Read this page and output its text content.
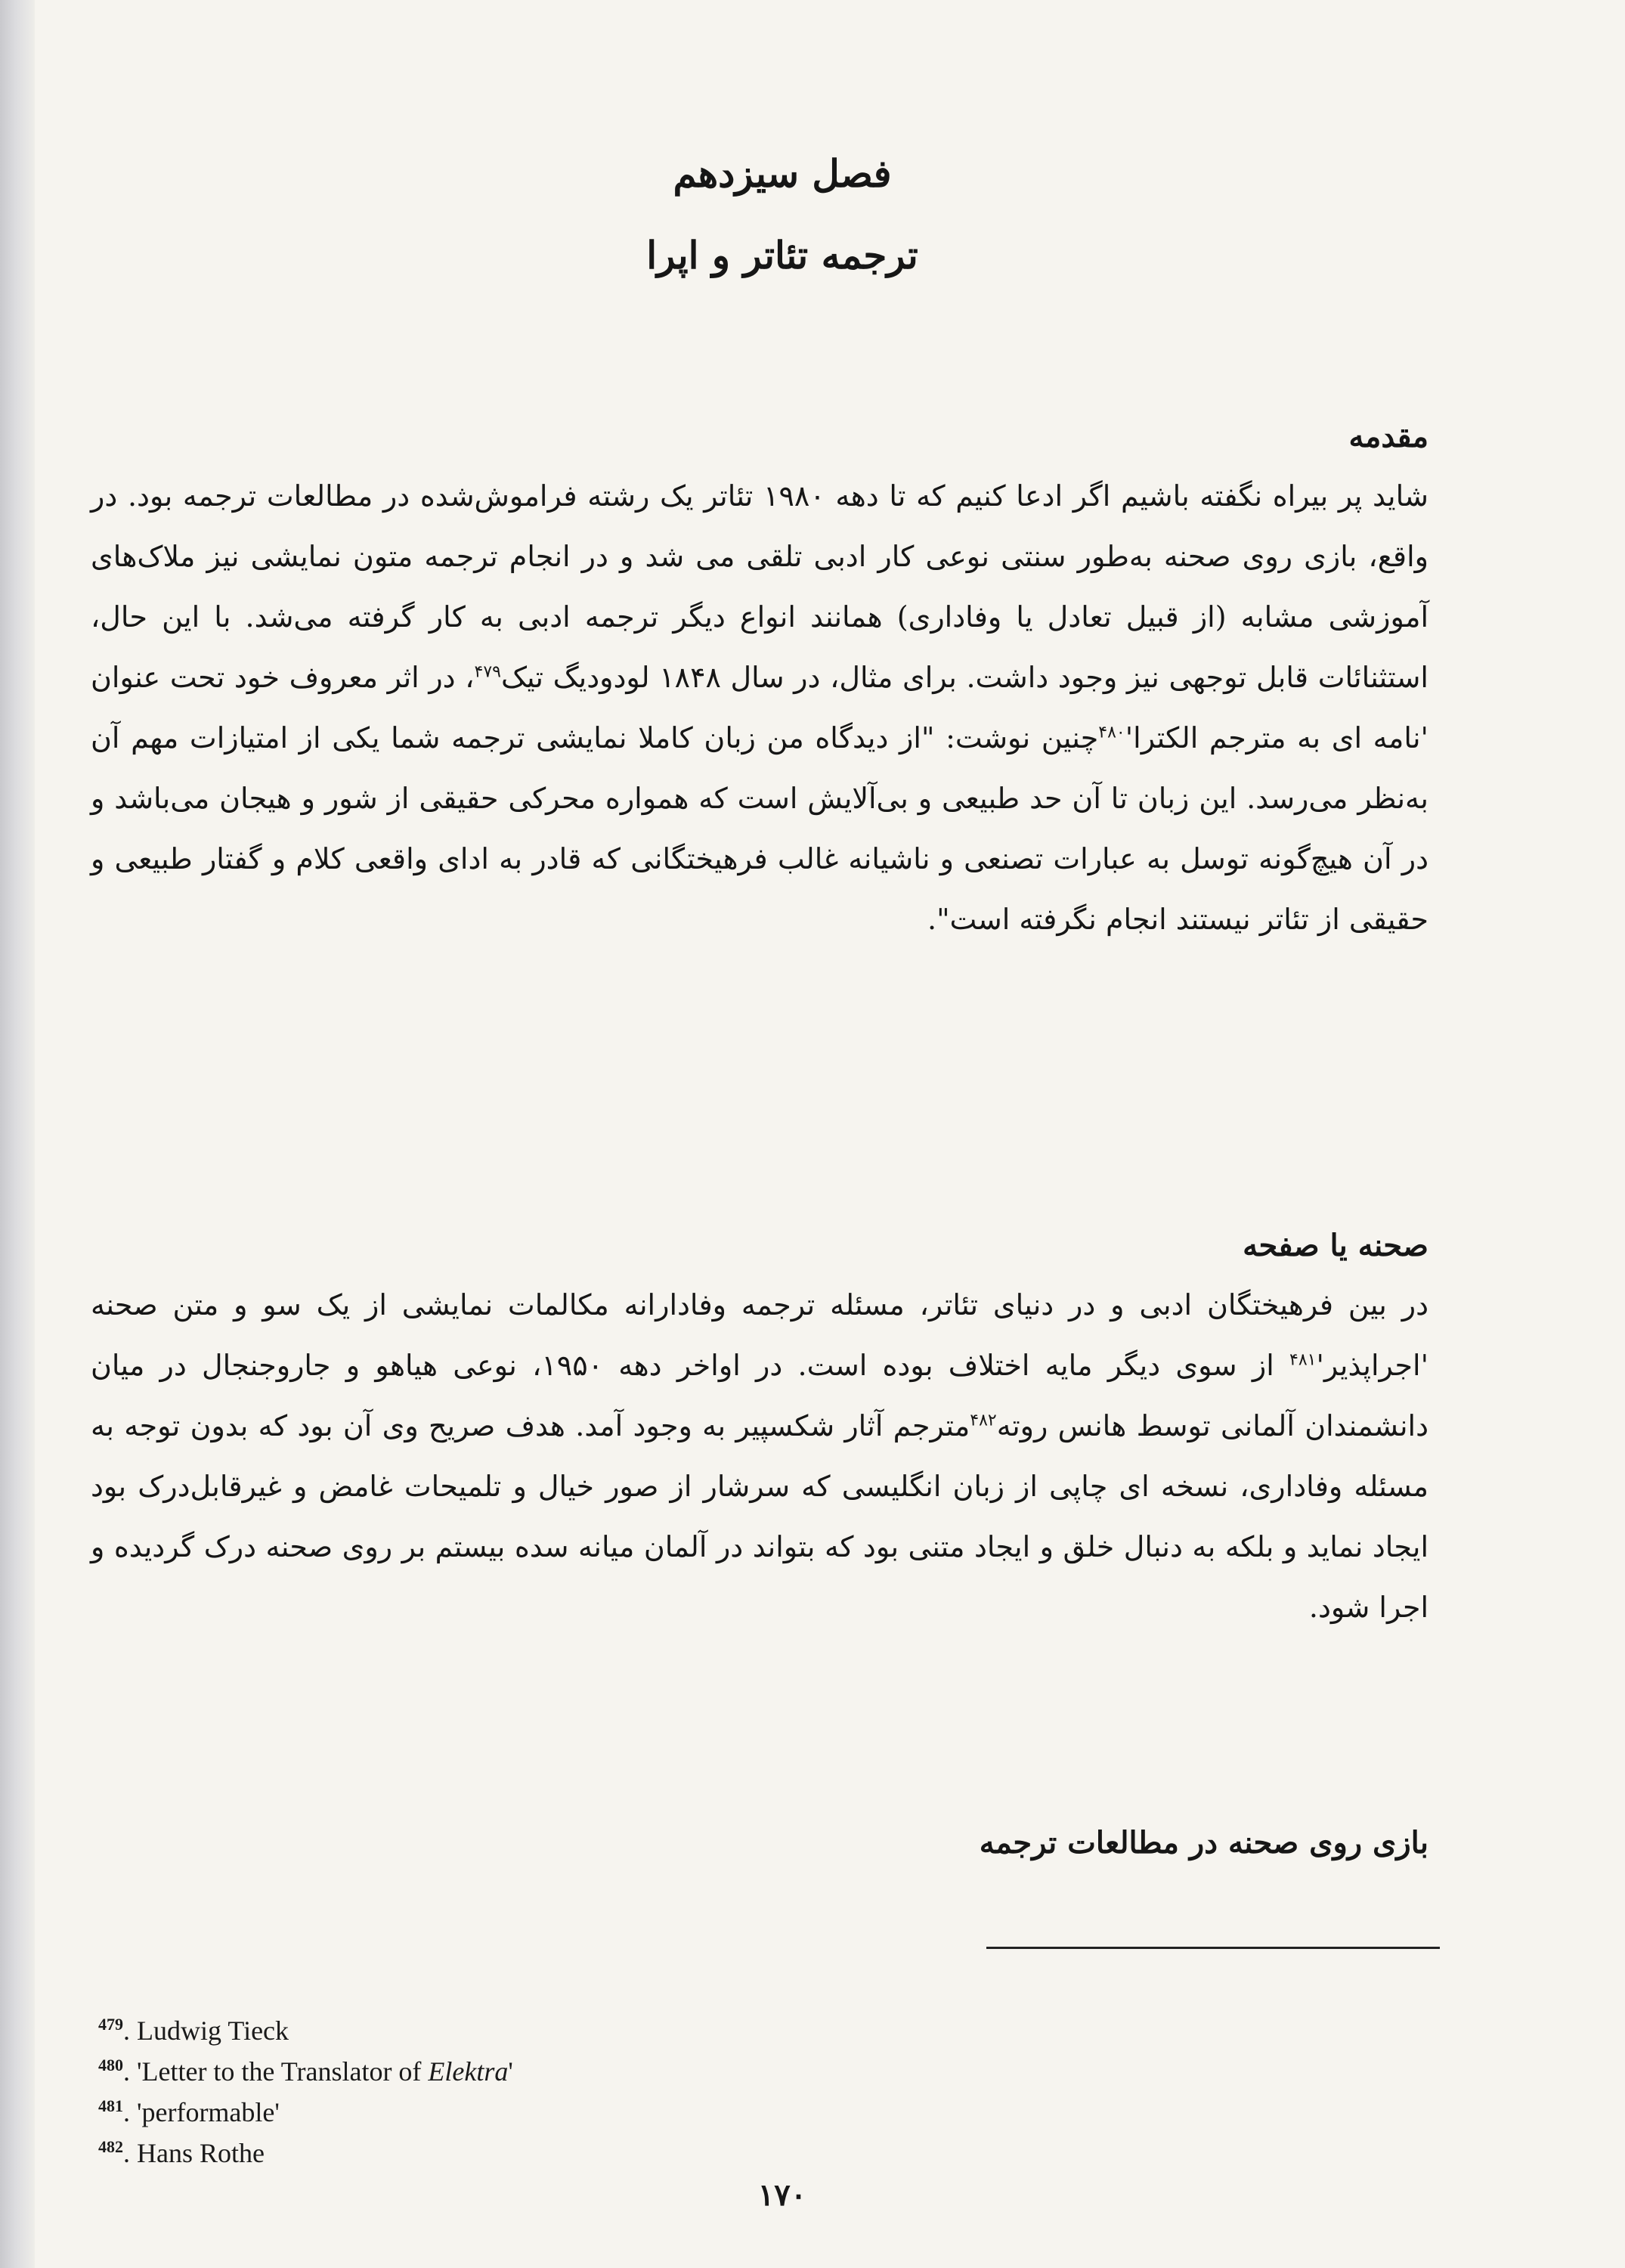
فصل سیزدهم
ترجمه تئاتر و اپرا
مقدمه

شاید پر بیراه نگفته باشیم اگر ادعا کنیم که تا دهه ۱۹۸۰ تئاتر یک رشته فراموش‌شده در مطالعات ترجمه بود. در واقع، بازی روی صحنه به‌طور سنتی نوعی کار ادبی تلقی می شد و در انجام ترجمه متون نمایشی نیز ملاک‌های آموزشی مشابه (از قبیل تعادل یا وفاداری) همانند انواع دیگر ترجمه ادبی به کار گرفته می‌شد. با این حال، استثنائات قابل توجهی نیز وجود داشت. برای مثال، در سال ۱۸۴۸ لودودیگ تیک$^{۴۷۹}$، در اثر معروف خود تحت عنوان 'نامه ای به مترجم $الکترا'^{۴۸۰}چنین$ نوشت: "از دیدگاه من زبان کاملا نمایشی ترجمه شما یکی از امتیازات مهم آن به‌نظر می‌رسد. این زبان تا آن حد طبیعی و بی‌آلایش است که همواره محرکی حقیقی از شور و هیجان می‌باشد و در آن هیچ‌گونه توسل به عبارات تصنعی و ناشیانه غالب فرهیختگانی که قادر به ادای واقعی کلام و گفتار طبیعی و حقیقی از تئاتر نیستند انجام نگرفته است".

صحنه یا صفحه

در بین فرهیختگان ادبی و در دنیای تئاتر، مسئله ترجمه وفادارانه مکالمات نمایشی از یک سو و متن صحنه '$اجراپذیر'^{۴۸۱}$ از سوی دیگر مایه اختلاف بوده است. در اواخر دهه ۱۹۵۰، نوعی هیاهو و جاروجنجال در میان دانشمندان آلمانی توسط هانس روته$^{۴۸۲}$مترجم آثار شکسپیر به وجود آمد. هدف صریح وی آن بود که بدون توجه به مسئله وفاداری، نسخه ای چاپی از زبان انگلیسی که سرشار از صور خیال و تلمیحات غامض و غیرقابل‌درک بود ایجاد نماید و بلکه به دنبال خلق و ایجاد متنی بود که بتواند در آلمان میانه سده بیستم بر روی صحنه درک گردیده و اجرا شود.

بازی روی صحنه در مطالعات ترجمه
$^{479}$. Ludwig Tieck
$^{480}$. 'Letter to the Translator of Elektra'
$^{481}$. 'performable'
$^{482}$. Hans Rothe
۱۷۰
